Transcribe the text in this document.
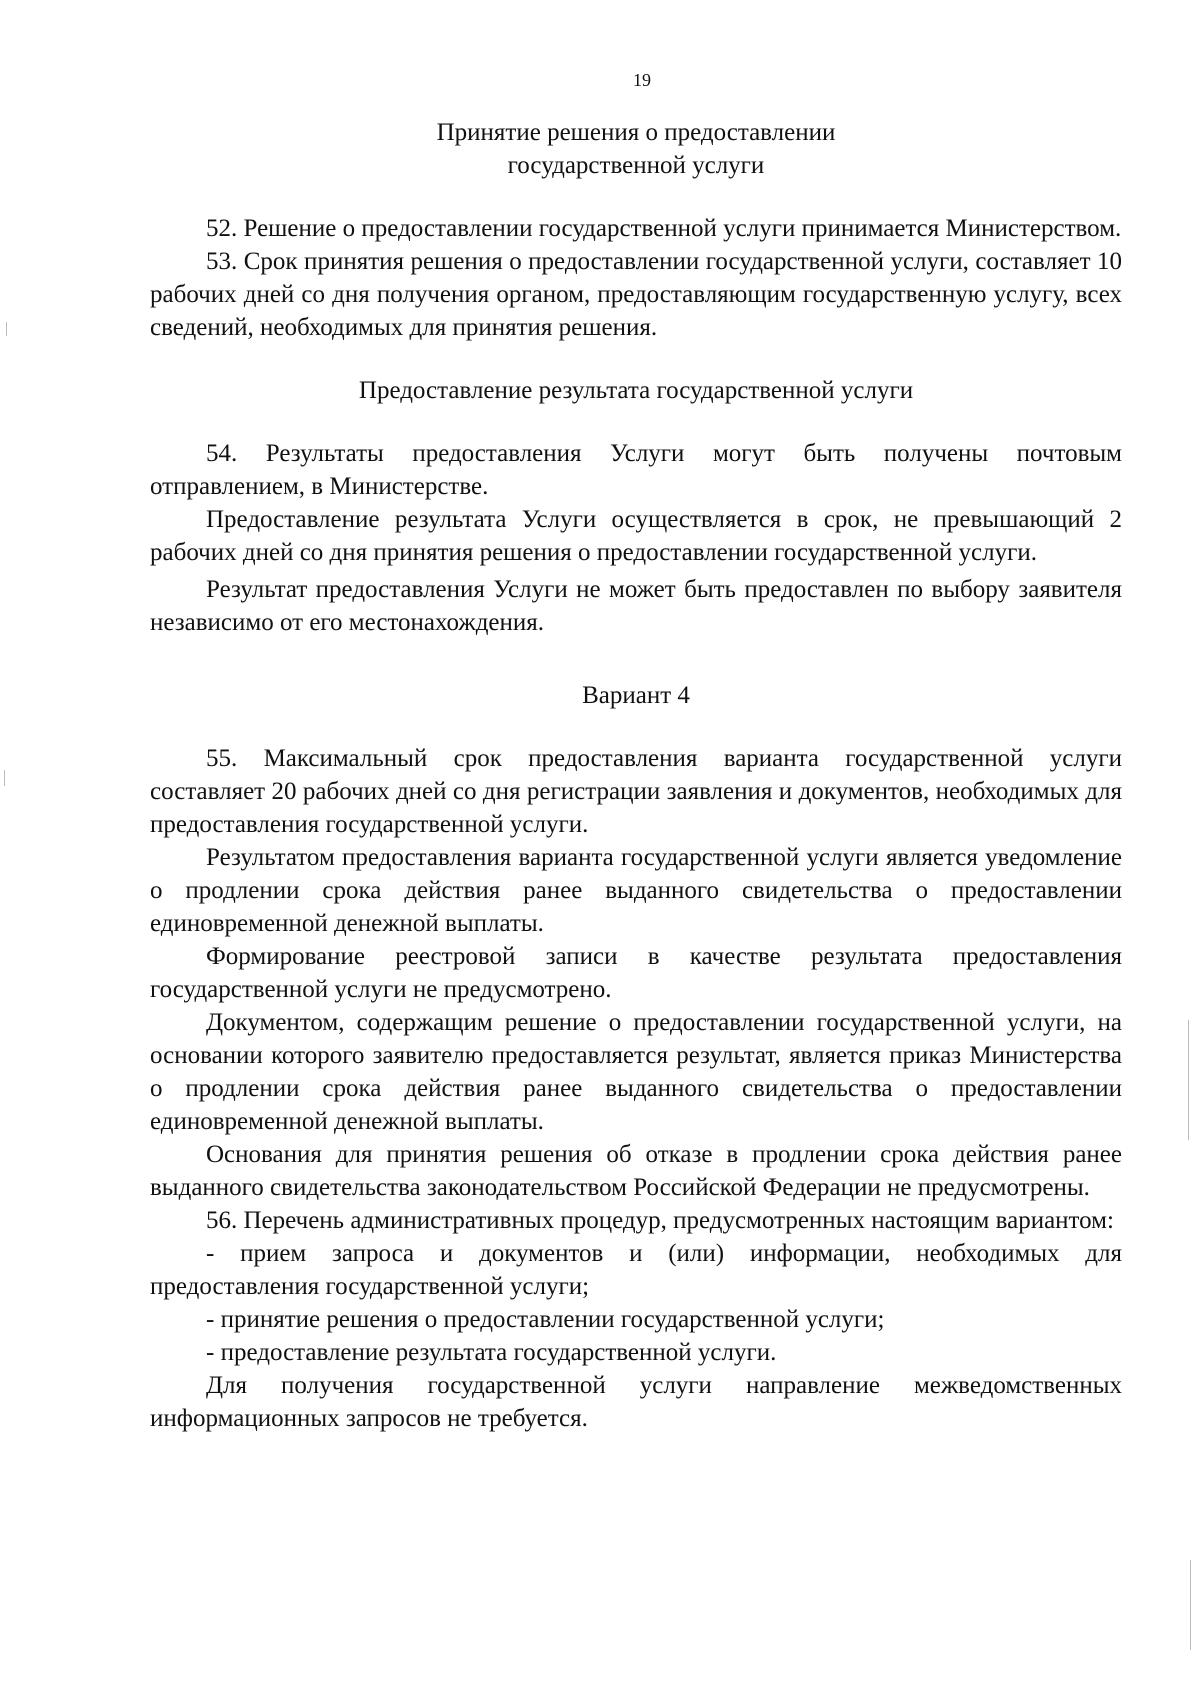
19
Принятие решения о предоставлении
государственной услуги

52. Решение о предоставлении государственной услуги принимается Министерством.

53. Срок принятия решения о предоставлении государственной услуги, составляет 10 рабочих дней со дня получения органом, предоставляющим государственную услугу, всех сведений, необходимых для принятия решения.

Предоставление результата государственной услуги

54. Результаты предоставления Услуги могут быть получены почтовым отправлением, в Министерстве.

Предоставление результата Услуги осуществляется в срок, не превышающий 2 рабочих дней со дня принятия решения о предоставлении государственной услуги.

Результат предоставления Услуги не может быть предоставлен по выбору заявителя независимо от его местонахождения.

Вариант 4

55. Максимальный срок предоставления варианта государственной услуги составляет 20 рабочих дней со дня регистрации заявления и документов, необходимых для предоставления государственной услуги.

Результатом предоставления варианта государственной услуги является уведомление о продлении срока действия ранее выданного свидетельства о предоставлении единовременной денежной выплаты.

Формирование реестровой записи в качестве результата предоставления государственной услуги не предусмотрено.

Документом, содержащим решение о предоставлении государственной услуги, на основании которого заявителю предоставляется результат, является приказ Министерства о продлении срока действия ранее выданного свидетельства о предоставлении единовременной денежной выплаты.

Основания для принятия решения об отказе в продлении срока действия ранее выданного свидетельства законодательством Российской Федерации не предусмотрены.

56. Перечень административных процедур, предусмотренных настоящим вариантом:

- прием запроса и документов и (или) информации, необходимых для предоставления государственной услуги;

- принятие решения о предоставлении государственной услуги;

- предоставление результата государственной услуги.

Для получения государственной услуги направление межведомственных информационных запросов не требуется.
